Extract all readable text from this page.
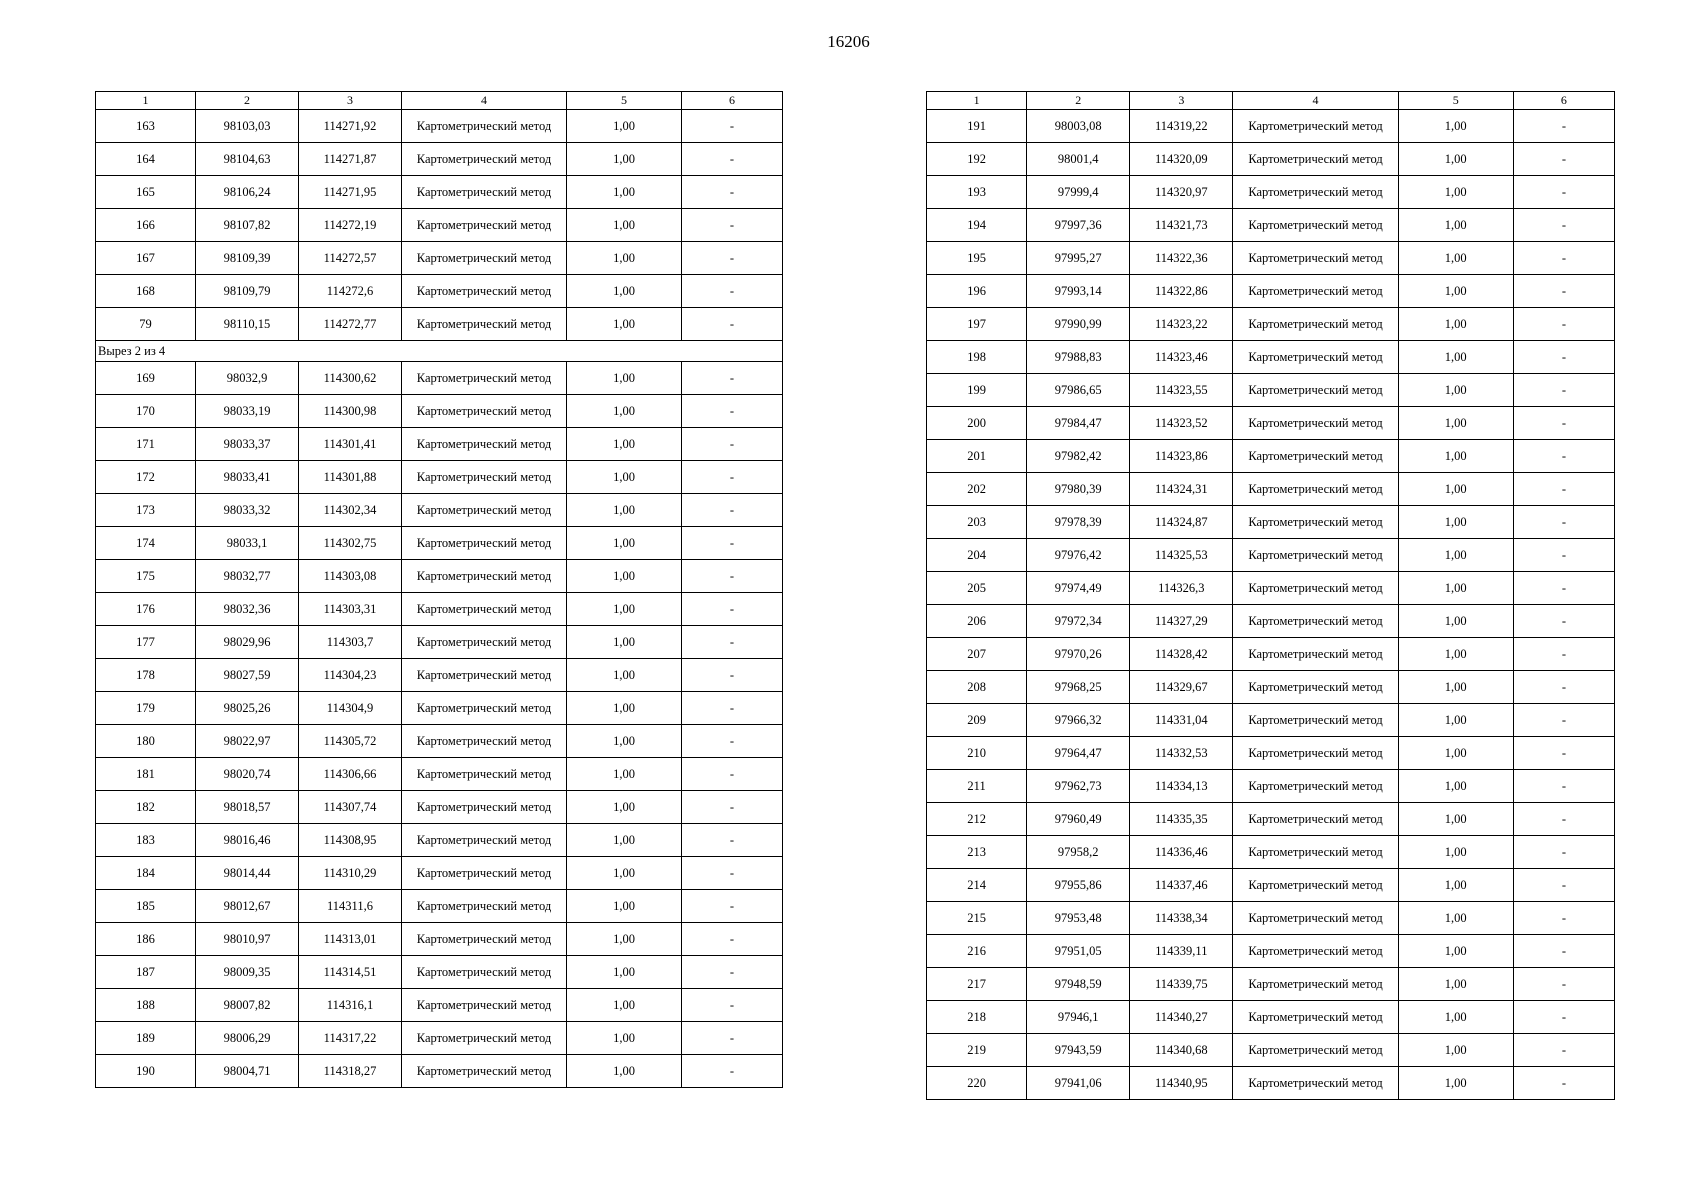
16206
1	2	3	4	5	6
163	98103,03	114271,92	Картометрический метод	1,00	-
164	98104,63	114271,87	Картометрический метод	1,00	-
165	98106,24	114271,95	Картометрический метод	1,00	-
166	98107,82	114272,19	Картометрический метод	1,00	-
167	98109,39	114272,57	Картометрический метод	1,00	-
168	98109,79	114272,6	Картометрический метод	1,00	-
79	98110,15	114272,77	Картометрический метод	1,00	-
Вырез 2 из 4					
169	98032,9	114300,62	Картометрический метод	1,00	-
170	98033,19	114300,98	Картометрический метод	1,00	-
171	98033,37	114301,41	Картометрический метод	1,00	-
172	98033,41	114301,88	Картометрический метод	1,00	-
173	98033,32	114302,34	Картометрический метод	1,00	-
174	98033,1	114302,75	Картометрический метод	1,00	-
175	98032,77	114303,08	Картометрический метод	1,00	-
176	98032,36	114303,31	Картометрический метод	1,00	-
177	98029,96	114303,7	Картометрический метод	1,00	-
178	98027,59	114304,23	Картометрический метод	1,00	-
179	98025,26	114304,9	Картометрический метод	1,00	-
180	98022,97	114305,72	Картометрический метод	1,00	-
181	98020,74	114306,66	Картометрический метод	1,00	-
182	98018,57	114307,74	Картометрический метод	1,00	-
183	98016,46	114308,95	Картометрический метод	1,00	-
184	98014,44	114310,29	Картометрический метод	1,00	-
185	98012,67	114311,6	Картометрический метод	1,00	-
186	98010,97	114313,01	Картометрический метод	1,00	-
187	98009,35	114314,51	Картометрический метод	1,00	-
188	98007,82	114316,1	Картометрический метод	1,00	-
189	98006,29	114317,22	Картометрический метод	1,00	-
190	98004,71	114318,27	Картометрический метод	1,00	-
1	2	3	4	5	6
191	98003,08	114319,22	Картометрический метод	1,00	-
192	98001,4	114320,09	Картометрический метод	1,00	-
193	97999,4	114320,97	Картометрический метод	1,00	-
194	97997,36	114321,73	Картометрический метод	1,00	-
195	97995,27	114322,36	Картометрический метод	1,00	-
196	97993,14	114322,86	Картометрический метод	1,00	-
197	97990,99	114323,22	Картометрический метод	1,00	-
198	97988,83	114323,46	Картометрический метод	1,00	-
199	97986,65	114323,55	Картометрический метод	1,00	-
200	97984,47	114323,52	Картометрический метод	1,00	-
201	97982,42	114323,86	Картометрический метод	1,00	-
202	97980,39	114324,31	Картометрический метод	1,00	-
203	97978,39	114324,87	Картометрический метод	1,00	-
204	97976,42	114325,53	Картометрический метод	1,00	-
205	97974,49	114326,3	Картометрический метод	1,00	-
206	97972,34	114327,29	Картометрический метод	1,00	-
207	97970,26	114328,42	Картометрический метод	1,00	-
208	97968,25	114329,67	Картометрический метод	1,00	-
209	97966,32	114331,04	Картометрический метод	1,00	-
210	97964,47	114332,53	Картометрический метод	1,00	-
211	97962,73	114334,13	Картометрический метод	1,00	-
212	97960,49	114335,35	Картометрический метод	1,00	-
213	97958,2	114336,46	Картометрический метод	1,00	-
214	97955,86	114337,46	Картометрический метод	1,00	-
215	97953,48	114338,34	Картометрический метод	1,00	-
216	97951,05	114339,11	Картометрический метод	1,00	-
217	97948,59	114339,75	Картометрический метод	1,00	-
218	97946,1	114340,27	Картометрический метод	1,00	-
219	97943,59	114340,68	Картометрический метод	1,00	-
220	97941,06	114340,95	Картометрический метод	1,00	-
